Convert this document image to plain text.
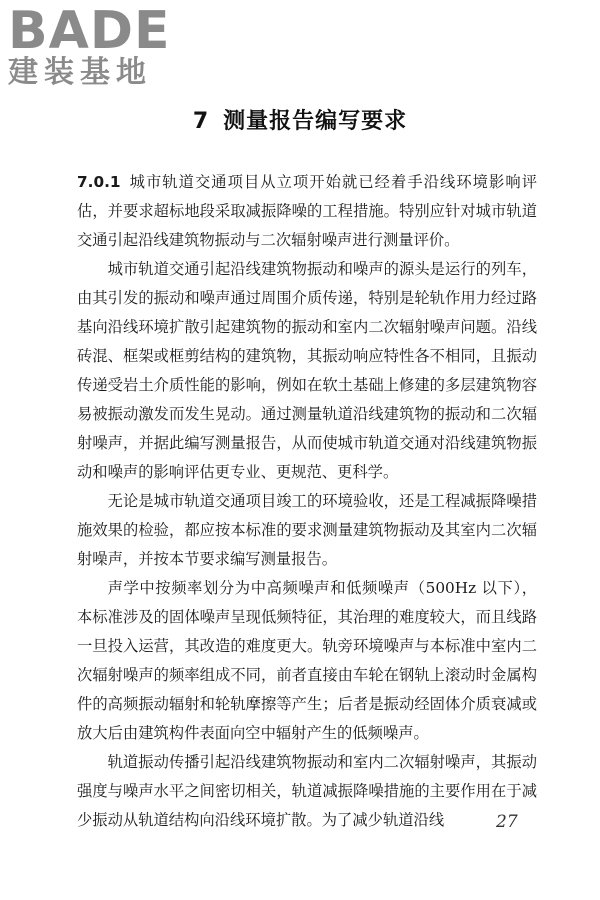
BADE
建装基地
7 测量报告编写要求

7.0.1 城市轨道交通项目从立项开始就已经着手沿线环境影响评估，并要求超标地段采取减振降噪的工程措施。特别应针对城市轨道交通引起沿线建筑物振动与二次辐射噪声进行测量评价。

城市轨道交通引起沿线建筑物振动和噪声的源头是运行的列车，由其引发的振动和噪声通过周围介质传递，特别是轮轨作用力经过路基向沿线环境扩散引起建筑物的振动和室内二次辐射噪声问题。沿线砖混、框架或框剪结构的建筑物，其振动响应特性各不相同，且振动传递受岩土介质性能的影响，例如在软土基础上修建的多层建筑物容易被振动激发而发生晃动。通过测量轨道沿线建筑物的振动和二次辐射噪声，并据此编写测量报告，从而使城市轨道交通对沿线建筑物振动和噪声的影响评估更专业、更规范、更科学。

无论是城市轨道交通项目竣工的环境验收，还是工程减振降噪措施效果的检验，都应按本标准的要求测量建筑物振动及其室内二次辐射噪声，并按本节要求编写测量报告。

声学中按频率划分为中高频噪声和低频噪声（500Hz 以下），本标准涉及的固体噪声呈现低频特征，其治理的难度较大，而且线路一旦投入运营，其改造的难度更大。轨旁环境噪声与本标准中室内二次辐射噪声的频率组成不同，前者直接由车轮在钢轨上滚动时金属构件的高频振动辐射和轮轨摩擦等产生；后者是振动经固体介质衰减或放大后由建筑构件表面向空中辐射产生的低频噪声。

轨道振动传播引起沿线建筑物振动和室内二次辐射噪声，其振动强度与噪声水平之间密切相关，轨道减振降噪措施的主要作用在于减少振动从轨道结构向沿线环境扩散。为了减少轨道沿线	27
